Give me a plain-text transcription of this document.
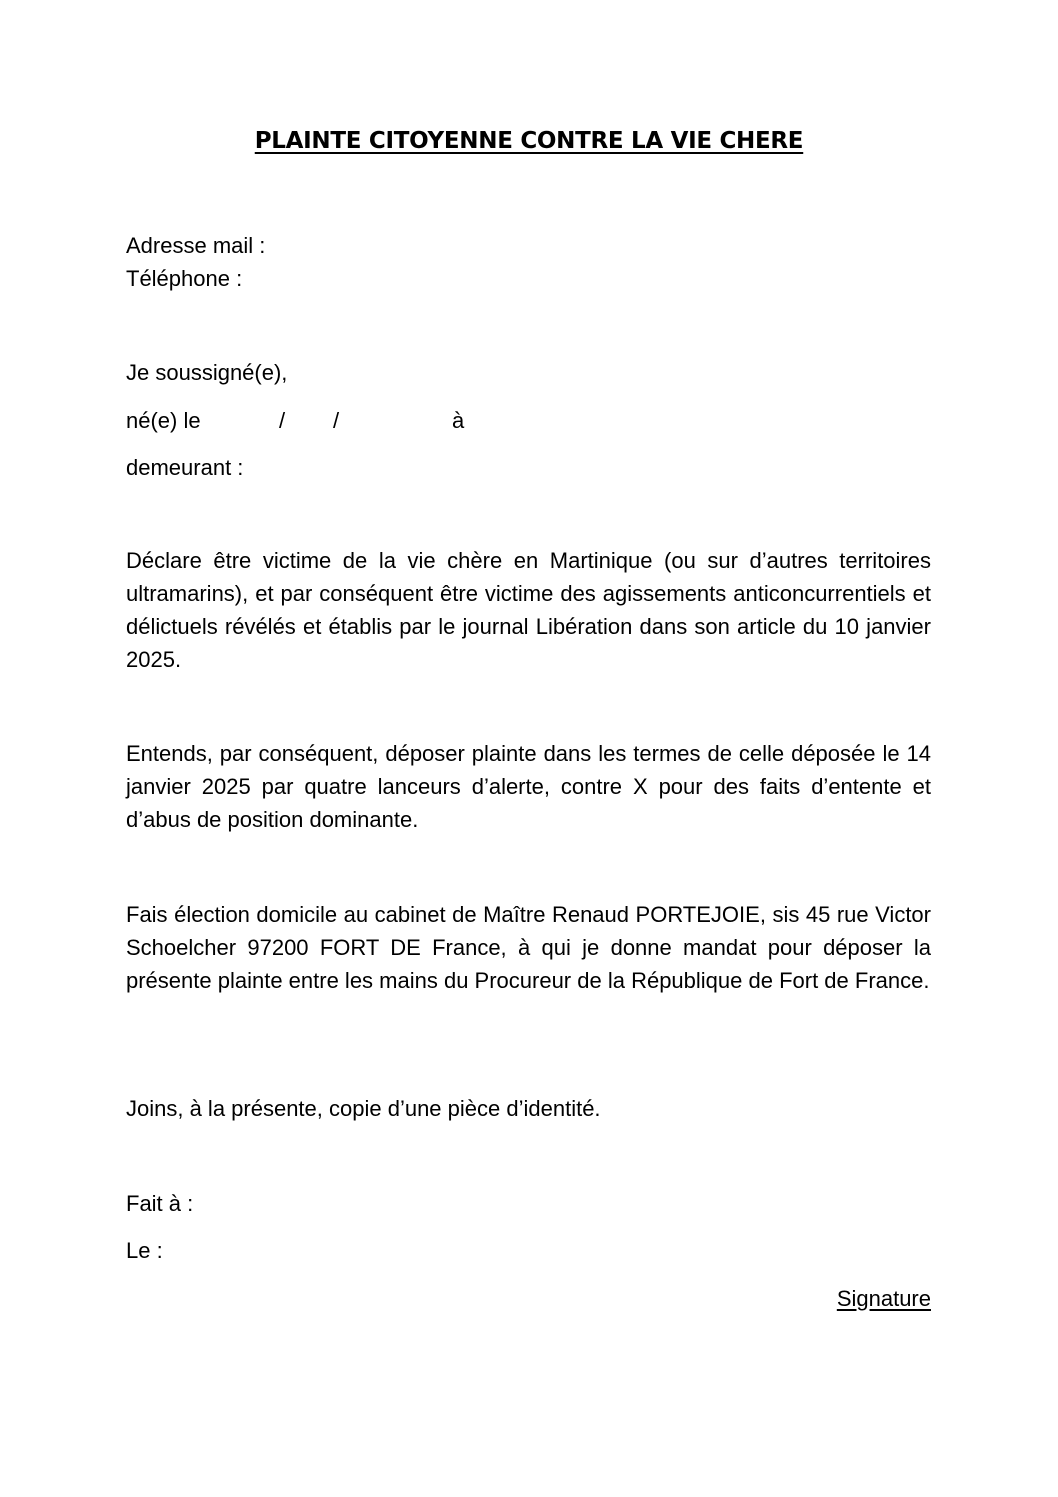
PLAINTE CITOYENNE CONTRE LA VIE CHERE
Adresse mail :
Téléphone :
Je soussigné(e),
né(e) le	/ /	à
demeurant :
Déclare être victime de la vie chère en Martinique (ou sur d’autres territoires ultramarins), et par conséquent être victime des agissements anticoncurrentiels et délictuels révélés et établis par le journal Libération dans son article du 10 janvier 2025.
Entends, par conséquent, déposer plainte dans les termes de celle déposée le 14 janvier 2025 par quatre lanceurs d’alerte, contre X pour des faits d’entente et d’abus de position dominante.
Fais élection domicile au cabinet de Maître Renaud PORTEJOIE, sis 45 rue Victor Schoelcher 97200 FORT DE France, à qui je donne mandat pour déposer la présente plainte entre les mains du Procureur de la République de Fort de France.
Joins, à la présente, copie d’une pièce d’identité.
Fait à :
Le :
Signature
